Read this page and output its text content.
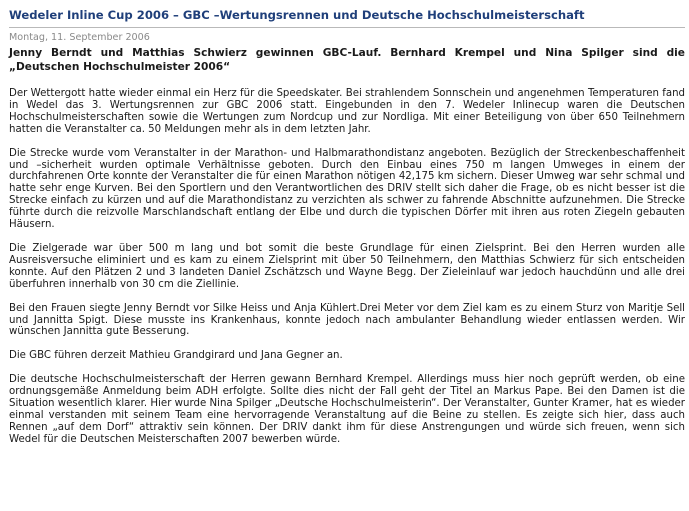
Wedeler Inline Cup 2006 – GBC –Wertungsrennen und Deutsche Hochschulmeisterschaft
Montag, 11. September 2006

Jenny Berndt und Matthias Schwierz gewinnen GBC-Lauf. Bernhard Krempel und Nina Spilger sind die „Deutschen Hochschulmeister 2006“

Der Wettergott hatte wieder einmal ein Herz für die Speedskater. Bei strahlendem Sonnschein und angenehmen Temperaturen fand in Wedel das 3. Wertungsrennen zur GBC 2006 statt. Eingebunden in den 7. Wedeler Inlinecup waren die Deutschen Hochschulmeisterschaften sowie die Wertungen zum Nordcup und zur Nordliga. Mit einer Beteiligung von über 650 Teilnehmern hatten die Veranstalter ca. 50 Meldungen mehr als in dem letzten Jahr.

Die Strecke wurde vom Veranstalter in der Marathon- und Halbmarathondistanz angeboten. Bezüglich der Streckenbeschaffenheit und –sicherheit wurden optimale Verhältnisse geboten. Durch den Einbau eines 750 m langen Umweges in einem der durchfahrenen Orte konnte der Veranstalter die für einen Marathon nötigen 42,175 km sichern. Dieser Umweg war sehr schmal und hatte sehr enge Kurven. Bei den Sportlern und den Verantwortlichen des DRIV stellt sich daher die Frage, ob es nicht besser ist die Strecke einfach zu kürzen und auf die Marathondistanz zu verzichten als schwer zu fahrende Abschnitte aufzunehmen. Die Strecke führte durch die reizvolle Marschlandschaft entlang der Elbe und durch die typischen Dörfer mit ihren aus roten Ziegeln gebauten Häusern.

Die Zielgerade war über 500 m lang und bot somit die beste Grundlage für einen Zielsprint. Bei den Herren wurden alle Ausreisversuche eliminiert und es kam zu einem Zielsprint mit über 50 Teilnehmern, den Matthias Schwierz für sich entscheiden konnte. Auf den Plätzen 2 und 3 landeten Daniel Zschätzsch und Wayne Begg. Der Zieleinlauf war jedoch hauchdünn und alle drei überfuhren innerhalb von 30 cm die Ziellinie.

Bei den Frauen siegte Jenny Berndt vor Silke Heiss und Anja Kühlert.Drei Meter vor dem Ziel kam es zu einem Sturz von Maritje Sell und Jannitta Spigt. Diese musste ins Krankenhaus, konnte jedoch nach ambulanter Behandlung wieder entlassen werden. Wir wünschen Jannitta gute Besserung.

Die GBC führen derzeit Mathieu Grandgirard und Jana Gegner an.

Die deutsche Hochschulmeisterschaft der Herren gewann Bernhard Krempel. Allerdings muss hier noch geprüft werden, ob eine ordnungsgemäße Anmeldung beim ADH erfolgte. Sollte dies nicht der Fall geht der Titel an Markus Pape. Bei den Damen ist die Situation wesentlich klarer. Hier wurde Nina Spilger „Deutsche Hochschulmeisterin“. Der Veranstalter, Gunter Kramer, hat es wieder einmal verstanden mit seinem Team eine hervorragende Veranstaltung auf die Beine zu stellen. Es zeigte sich hier, dass auch Rennen „auf dem Dorf“ attraktiv sein können. Der DRIV dankt ihm für diese Anstrengungen und würde sich freuen, wenn sich Wedel für die Deutschen Meisterschaften 2007 bewerben würde.
